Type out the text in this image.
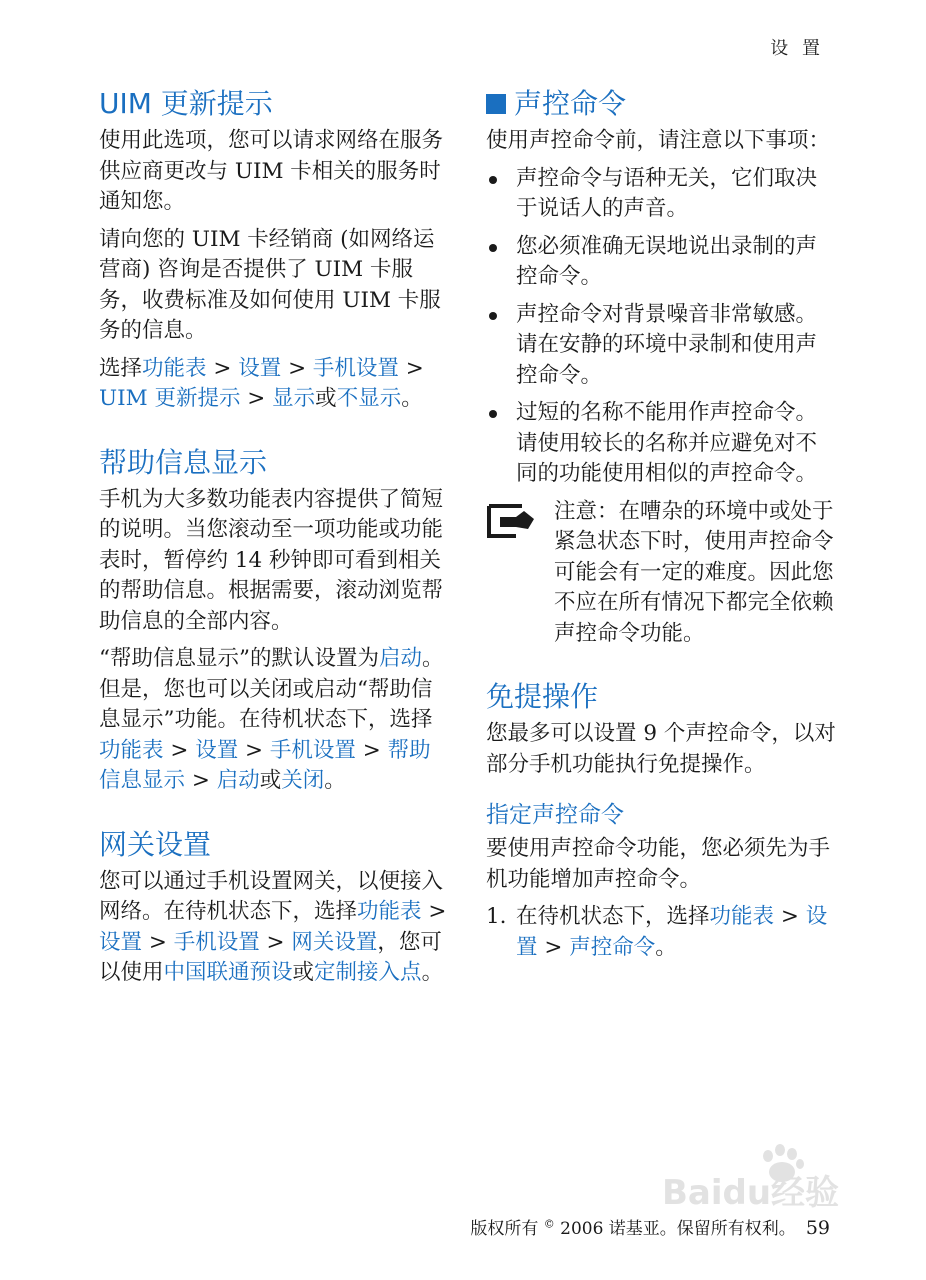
设 置
UIM 更新提示

使用此选项，您可以请求网络在服务供应商更改与 UIM 卡相关的服务时通知您。

请向您的 UIM 卡经销商 (如网络运营商) 咨询是否提供了 UIM 卡服务，收费标准及如何使用 UIM 卡服务的信息。

选择功能表 > 设置 > 手机设置 > UIM 更新提示 > 显示或不显示。

帮助信息显示

手机为大多数功能表内容提供了简短的说明。当您滚动至一项功能或功能表时，暂停约 14 秒钟即可看到相关的帮助信息。根据需要，滚动浏览帮助信息的全部内容。

“帮助信息显示”的默认设置为启动。但是，您也可以关闭或启动“帮助信息显示”功能。在待机状态下，选择功能表 > 设置 > 手机设置 > 帮助信息显示 > 启动或关闭。

网关设置

您可以通过手机设置网关，以便接入网络。在待机状态下，选择功能表 > 设置 > 手机设置 > 网关设置，您可以使用中国联通预设或定制接入点。

声控命令

使用声控命令前，请注意以下事项：

声控命令与语种无关，它们取决于说话人的声音。
您必须准确无误地说出录制的声控命令。
声控命令对背景噪音非常敏感。请在安静的环境中录制和使用声控命令。
过短的名称不能用作声控命令。请使用较长的名称并应避免对不同的功能使用相似的声控命令。

注意：在嘈杂的环境中或处于紧急状态下时，使用声控命令可能会有一定的难度。因此您不应在所有情况下都完全依赖声控命令功能。

免提操作

您最多可以设置 9 个声控命令，以对部分手机功能执行免提操作。

指定声控命令

要使用声控命令功能，您必须先为手机功能增加声控命令。

1. 在待机状态下，选择功能表 > 设置 > 声控命令。
Baidu经验
版权所有 © 2006 诺基亚。保留所有权利。 59
